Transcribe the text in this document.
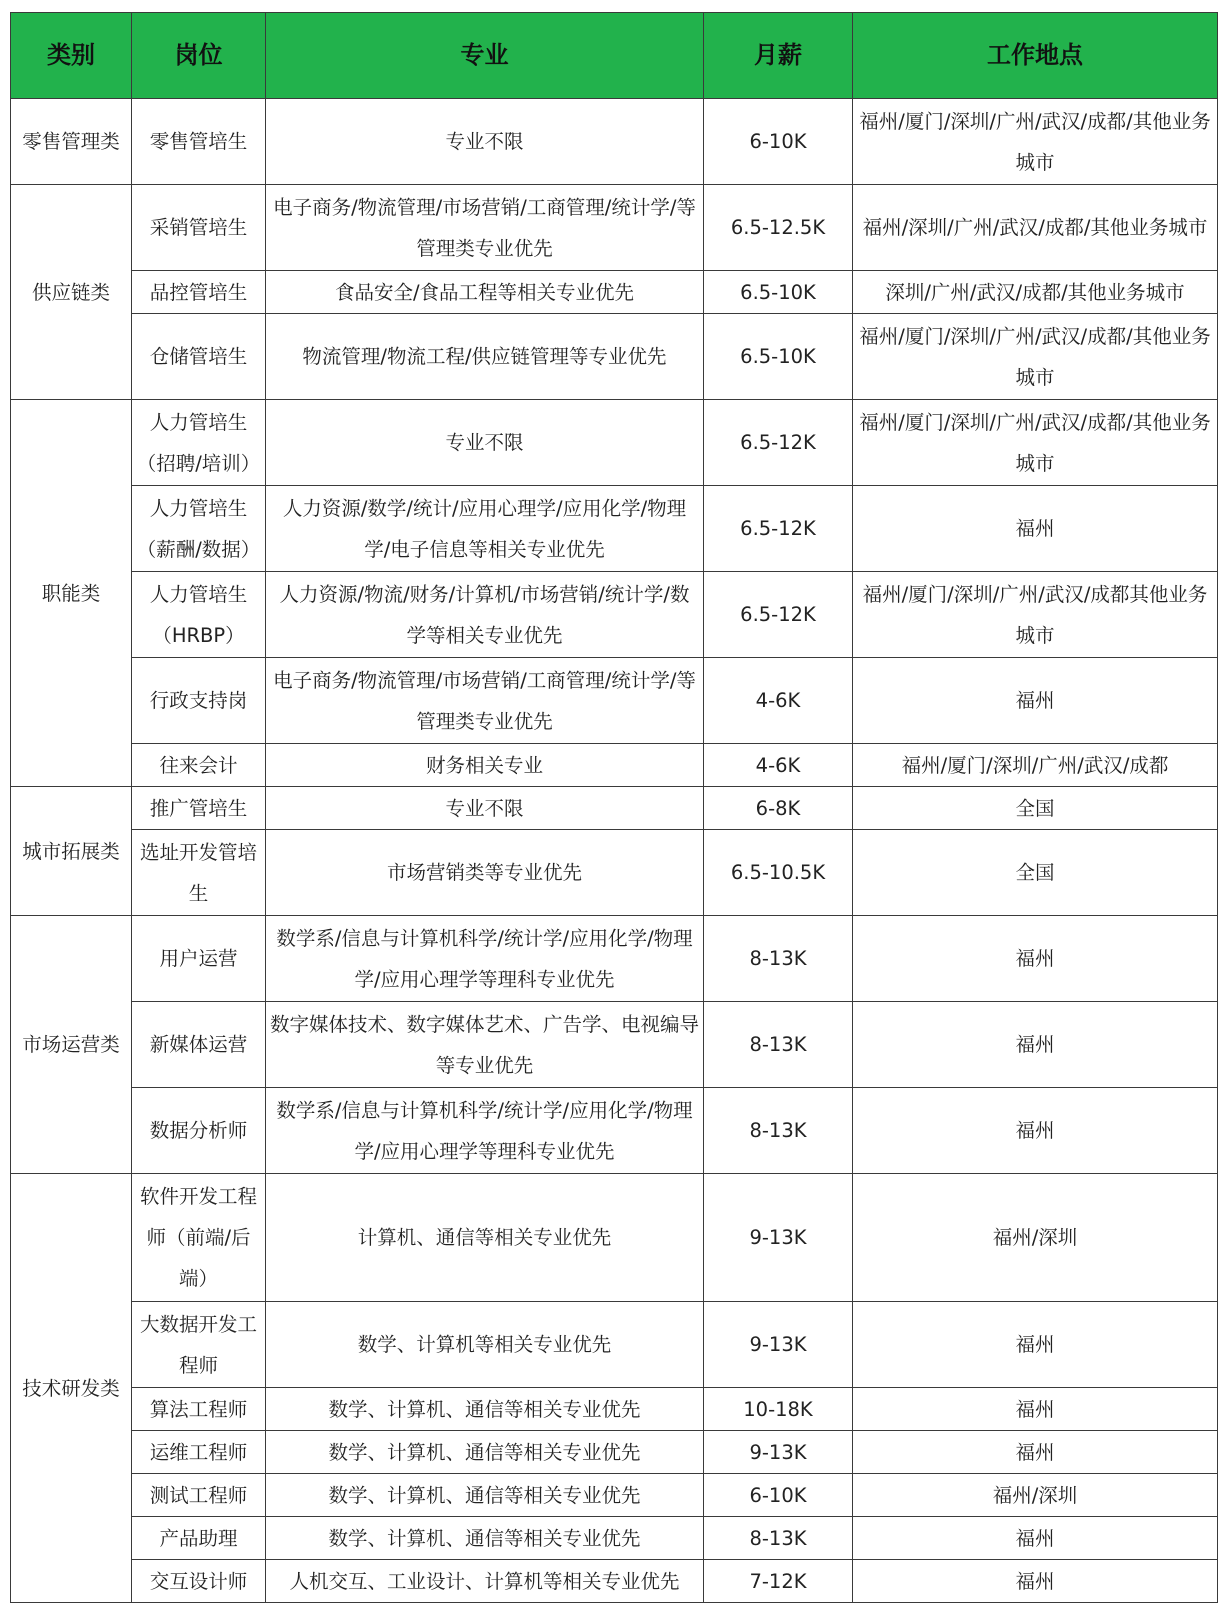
类别	岗位	专业	月薪	工作地点
零售管理类	零售管培生	专业不限	6-10K	福州/厦门/深圳/广州/武汉/成都/其他业务城市
供应链类	采销管培生	电子商务/物流管理/市场营销/工商管理/统计学/等管理类专业优先	6.5-12.5K	福州/深圳/广州/武汉/成都/其他业务城市
	品控管培生	食品安全/食品工程等相关专业优先	6.5-10K	深圳/广州/武汉/成都/其他业务城市
	仓储管培生	物流管理/物流工程/供应链管理等专业优先	6.5-10K	福州/厦门/深圳/广州/武汉/成都/其他业务城市
职能类	人力管培生（招聘/培训）	专业不限	6.5-12K	福州/厦门/深圳/广州/武汉/成都/其他业务城市
	人力管培生（薪酬/数据）	人力资源/数学/统计/应用心理学/应用化学/物理学/电子信息等相关专业优先	6.5-12K	福州
	人力管培生（HRBP）	人力资源/物流/财务/计算机/市场营销/统计学/数学等相关专业优先	6.5-12K	福州/厦门/深圳/广州/武汉/成都其他业务城市
	行政支持岗	电子商务/物流管理/市场营销/工商管理/统计学/等管理类专业优先	4-6K	福州
	往来会计	财务相关专业	4-6K	福州/厦门/深圳/广州/武汉/成都
城市拓展类	推广管培生	专业不限	6-8K	全国
	选址开发管培生	市场营销类等专业优先	6.5-10.5K	全国
市场运营类	用户运营	数学系/信息与计算机科学/统计学/应用化学/物理学/应用心理学等理科专业优先	8-13K	福州
	新媒体运营	数字媒体技术、数字媒体艺术、广告学、电视编导等专业优先	8-13K	福州
	数据分析师	数学系/信息与计算机科学/统计学/应用化学/物理学/应用心理学等理科专业优先	8-13K	福州
技术研发类	软件开发工程师（前端/后端）	计算机、通信等相关专业优先	9-13K	福州/深圳
	大数据开发工程师	数学、计算机等相关专业优先	9-13K	福州
	算法工程师	数学、计算机、通信等相关专业优先	10-18K	福州
	运维工程师	数学、计算机、通信等相关专业优先	9-13K	福州
	测试工程师	数学、计算机、通信等相关专业优先	6-10K	福州/深圳
	产品助理	数学、计算机、通信等相关专业优先	8-13K	福州
	交互设计师	人机交互、工业设计、计算机等相关专业优先	7-12K	福州
